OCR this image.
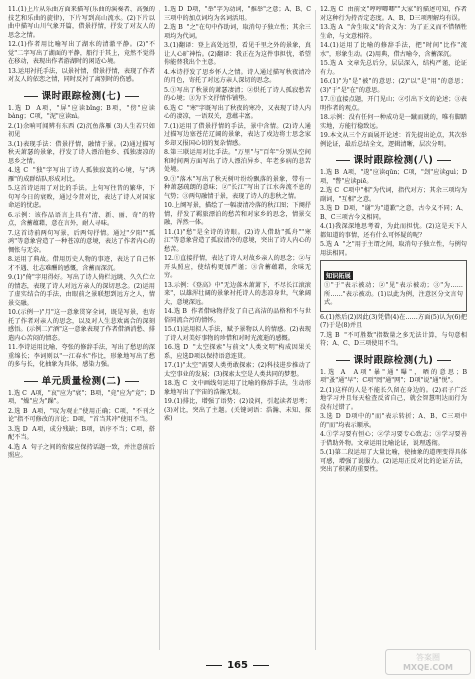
11.(1)上片从乐曲方面来描写(乐曲的演奏者、高强的技艺和乐曲的旋律)，下片写到高山流水。(2)下片以曲中描写山川气象开篇，借景抒情，抒发了对友人的思念之情。
12.(1)作者用比喻写出了湖水的清澈平静。(2)"不觉"二字写出了湖面的平静，船行于其上，竟然不觉得在移动，表现出作者游湖时的闲适心境。
13.运用衬托手法，以景衬情，借景抒情，表现了作者对友人的依恋之情，同时反衬了离别时的伤感。
课时跟踪检测(七)
1.选 D  A项，"屏"应读bǐng；B项，"傍"应读bàng；C项，"泥"应读nì。
2.(1)余响可闻辨有东西 (2)沉鱼落雁 (3)人生若只如初见
3.(1)表现手法：借景抒情，融情于景。(2)通过描写秋天萧瑟的景象，抒发了诗人漂泊他乡、孤独凄凉的思乡之情。
4.选 C  "独"字写出了诗人孤独寂寞的心境，与"鸿雁"的成群结队形成对比。
5.这首诗运用了对比的手法。上句写往昔的繁华，下句写今日的衰败，通过今昔对比，表达了诗人对国家命运的忧虑。
6.示例：该作品语言上具有"清、新、丽、奇"的特点，含蓄蕴藉，意在言外，耐人寻味。
7.这首诗前两句写景，后两句抒情。通过"夕阳""孤鸿"等意象营造了一种苍凉的意境，表达了作者内心的惆怅与无奈。
8.运用了典故。借用历史人物的事迹，表达了自己怀才不遇、壮志难酬的感慨，含蓄而深沉。
9.(1)"倚"字用得好。写出了诗人倚栏远眺、久久伫立的情态，表现了诗人对远方亲人的深切思念。(2)运用了虚实结合的手法，由眼前之景联想到远方之人，情景交融。
10.(示例一)"月"这一意象贯穿全词，既是写景，也寄托了作者对亲人的思念，以及对人生悲欢离合的深刻感悟。(示例二)"酒"这一意象表现了作者借酒消愁、排遣内心苦闷的情态。
11.李诗运用比喻、夸张的修辞手法，写出了愁思的深重绵长；李词则以"一江春水"作比，形象地写出了愁的多与长，化抽象为具体，感染力强。
单元质量检测(二)
1.选 C  A项，"哀"应为"衰"；B项，"竟"应为"竞"；D项，"燥"应为"躁"。
2.选 B  A项，"叹为观止"使用正确；C项，"不刊之论"指不可修改的言论；D项，"首当其冲"使用不当。
3.选 D  A项，成分残缺；B项，语序不当；C项，搭配不当。
4.选 A  句子之间的衔接应保持话题一致，并注意前后照应。
1.选 D  D项，"举"字为动词，"推举"之意；A、B、C三项中的加点词均为名词活用。
2.选 B  "之"在句中作助词，取消句子独立性；其余三项均为代词。
3.(1)翻译：登上高处远望，看见千里之外的景象，真让人心旷神怡。(2)翻译：我正在为这件事担忧，希望你能替我出个主意。
4.本诗抒发了思乡怀人之情。诗人通过描写秋夜清冷的月色，寄托了对远方亲人深切的思念。
5.①写出了秋景的萧瑟凄清；②烘托了诗人孤寂愁苦的心境；③为下文抒情作铺垫。
6.选 C  "寒"字既写出了秋夜的寒冷，又表现了诗人内心的凄凉，一语双关，意蕴丰富。
7.(1)运用了借景抒情的手法，景中含情。(2)诗人通过描写边塞苍茫辽阔的景象，表达了戍边将士思念家乡却又报国心切的复杂情感。
8.第三联运用对比手法。"万里"与"百年"分别从空间和时间两方面写出了诗人漂泊异乡、年老多病的悲苦处境。
9.①"落木"写出了秋天树叶纷纷飘落的景象，带有一种萧瑟疏朗的意味；②"长江"写出了江水奔流不息的气势；③两句融情于景，表现了诗人的悲秋之情。
10.上阕写景，描绘了一幅凄清冷落的秋江图；下阕抒情，抒发了羁旅漂泊的愁苦和对家乡的思念，情景交融，浑然一体。
11.(1)"愁"是全诗的诗眼。(2)诗人借助"孤舟""寒江"等意象营造了孤寂清冷的意境，突出了诗人内心的愁苦。
12.①直接抒情，表达了诗人对故乡亲人的思念；②与开头照应，使结构更加严谨；③含蓄蕴藉，余味无穷。
13.示例：《登高》中"无边落木萧萧下，不尽长江滚滚来"，以雄浑壮阔的景象衬托诗人的悲凉身世，气象阔大，意境深远。
14.选 B  作者借咏物抒发了自己高洁的品格和不与世俗同流合污的情怀。
15.(1)运用拟人手法，赋予景物以人的情感。(2)表现了诗人对美好事物的珍惜和对时光流逝的感慨。
16.选 D  "太空探索"与前文"人类文明"构成因果关系，应选D项以保持语意连贯。
17.(1)"太空"需要人类勇敢探索；(2)科技进步推动了太空事业的发展；(3)探索太空是人类共同的梦想。
18.选 C  文中画线句运用了比喻的修辞手法，生动形象地写出了宇宙的浩瀚无垠。
19.(1)排比，增强了语势；(2)设问，引起读者思考；(3)对比，突出了主题。(关键词语：浩瀚、未知、探索)
12.选 C  由前文"哼哼唧唧""大家"的描述可知，作者对这种行为持否定态度。A、B、D三项理解均有误。
13.选 A  "舍生取义"的含义为：为了正义而不惜牺牲生命，与文意相符。
14.(1)运用了比喻的修辞手法，把"时间"比作"流水"，形象生动。(2)用典，借古喻今，含蓄深沉。
15.选 A  文章先总后分，层层深入，结构严谨，论证有力。
16.(1)"为"是"被"的意思；(2)"以"是"用"的意思；(3)"于"是"在"的意思。
17.①直接点题，开门见山；②引出下文的论述；③表明作者的观点。
18.示例：没有任何一种成功是一蹴而就的，唯有脚踏实地，方能行稳致远。
19.本文从三个方面展开论述：首先提出论点，其次举例论证，最后总结全文，逻辑清晰，层次分明。
课时跟踪检测(八)
1.选 B  A项，"逡"应读qūn；C项，"刽"应读guì；D项，"瞥"应读piē。
2.选 C  C项中"相"为代词，指代对方；其余三项均为副词，"互相"之意。
3.选 D  D项，"谢"为"道歉"之意，古今义不同；A、B、C三项古今义相同。
4.(1)我深深地思考着，为此而担忧。(2)这是天下人都知道的事情，还有什么可怀疑的呢？
5.选 A  "之"用于主谓之间，取消句子独立性，与例句用法相同。
知识拓展
①"于"表示被动；②"见"表示被动；③"为……所……"表示被动。(1)以此为例，注意区分文言句式。
6.(1)然后(2)因此(3)凭借(4)在……方面(5)认为(6)把(7)于是(8)并且
7.选 B  "不可胜数"指数量之多无法计算，与句意相符；A、C、D三项使用不当。
课时跟踪检测(九)
1.选 A  A项"暴"通"曝"，晒的意思；B项"蚤"通"早"；C项"罔"通"网"；D项"说"通"悦"。
2.(1)这样的人是不能长久留在身边的。(2)君子广泛地学习并且每天检查反省自己，就会智慧明达而行为没有过错了。
3.选 D  D项中的"而"表示转折；A、B、C三项中的"而"均表示顺承。
4.①学习要有恒心；②学习要专心致志；③学习要善于借助外物。文章运用比喻论证，说理透彻。
5.(1)第二段运用了大量比喻，使抽象的道理变得具体可感，增强了说服力。(2)运用正反对比的论证方法，突出了积累的重要性。
165
答案圈
MXQE.COM
